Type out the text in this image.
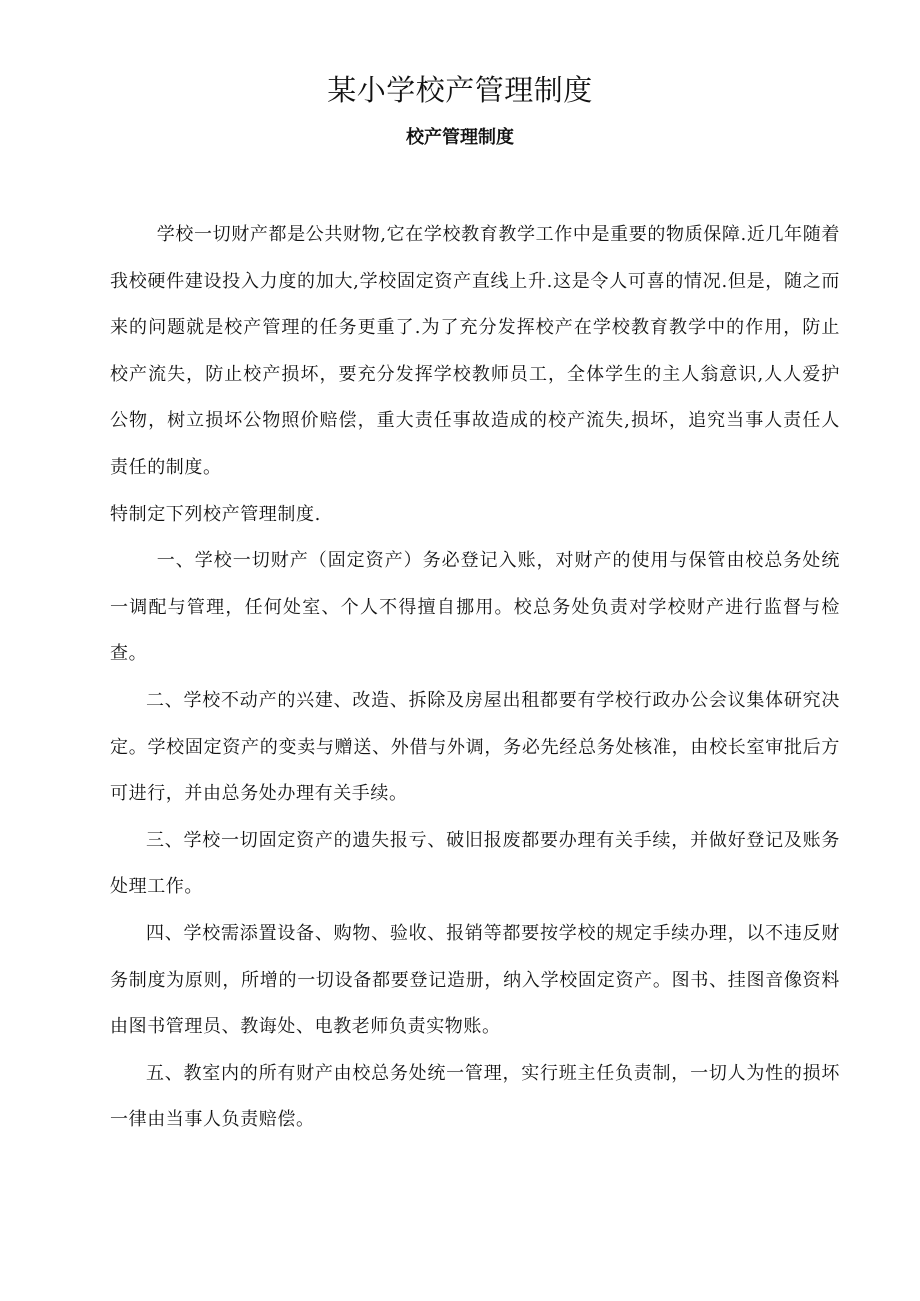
某小学校产管理制度
校产管理制度

学校一切财产都是公共财物,它在学校教育教学工作中是重要的物质保障.近几年随着我校硬件建设投入力度的加大,学校固定资产直线上升.这是令人可喜的情况.但是，随之而来的问题就是校产管理的任务更重了.为了充分发挥校产在学校教育教学中的作用，防止校产流失，防止校产损坏，要充分发挥学校教师员工，全体学生的主人翁意识,人人爱护公物，树立损坏公物照价赔偿，重大责任事故造成的校产流失,损坏，追究当事人责任人责任的制度。

特制定下列校产管理制度.

一、学校一切财产（固定资产）务必登记入账，对财产的使用与保管由校总务处统一调配与管理，任何处室、个人不得擅自挪用。校总务处负责对学校财产进行监督与检查。

二、学校不动产的兴建、改造、拆除及房屋出租都要有学校行政办公会议集体研究决定。学校固定资产的变卖与赠送、外借与外调，务必先经总务处核准，由校长室审批后方可进行，并由总务处办理有关手续。

三、学校一切固定资产的遗失报亏、破旧报废都要办理有关手续，并做好登记及账务处理工作。

四、学校需添置设备、购物、验收、报销等都要按学校的规定手续办理，以不违反财务制度为原则，所增的一切设备都要登记造册，纳入学校固定资产。图书、挂图音像资料由图书管理员、教诲处、电教老师负责实物账。

五、教室内的所有财产由校总务处统一管理，实行班主任负责制，一切人为性的损坏一律由当事人负责赔偿。
